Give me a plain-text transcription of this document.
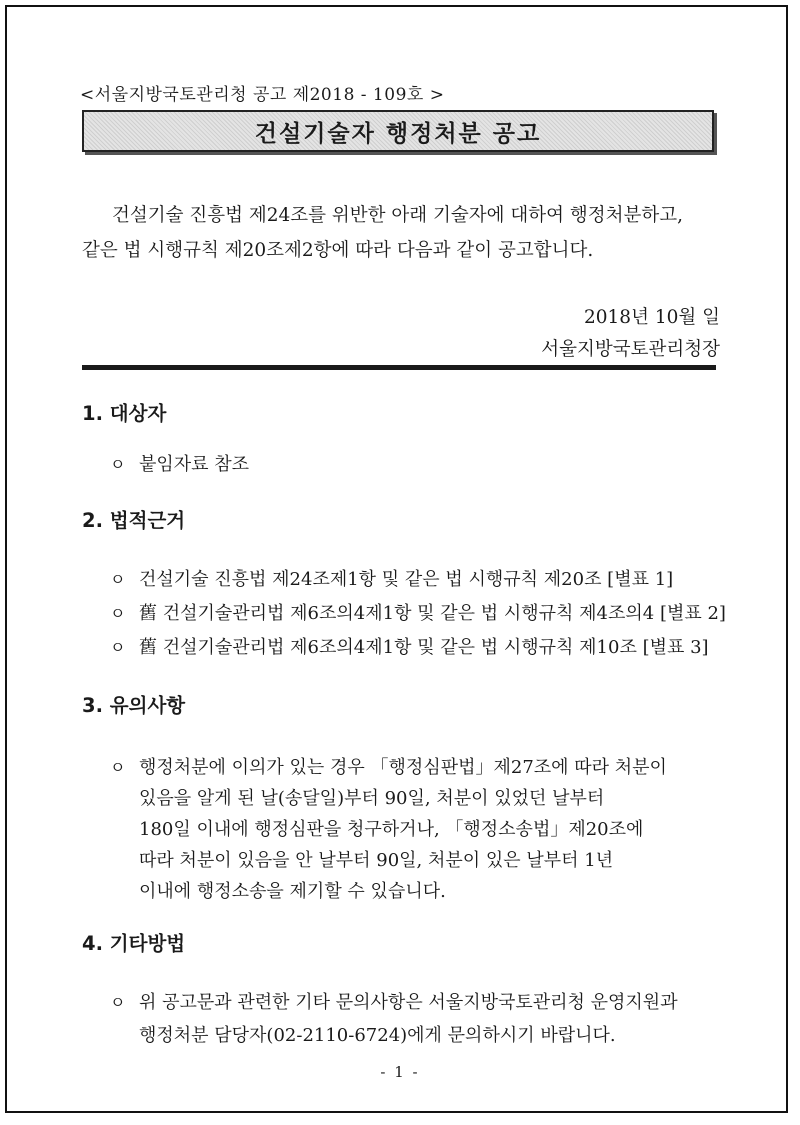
<서울지방국토관리청 공고 제2018 - 109호 >
건설기술자 행정처분 공고
건설기술 진흥법 제24조를 위반한 아래 기술자에 대하여 행정처분하고,
같은 법 시행규칙 제20조제2항에 따라 다음과 같이 공고합니다.
2018년 10월 일
서울지방국토관리청장
1. 대상자
ㅇ 붙임자료 참조
2. 법적근거
ㅇ 건설기술 진흥법 제24조제1항 및 같은 법 시행규칙 제20조 [별표 1]
ㅇ 舊 건설기술관리법 제6조의4제1항 및 같은 법 시행규칙 제4조의4 [별표 2]
ㅇ 舊 건설기술관리법 제6조의4제1항 및 같은 법 시행규칙 제10조 [별표 3]
3. 유의사항
ㅇ 행정처분에 이의가 있는 경우 「행정심판법」제27조에 따라 처분이
있음을 알게 된 날(송달일)부터 90일, 처분이 있었던 날부터
180일 이내에 행정심판을 청구하거나, 「행정소송법」제20조에
따라 처분이 있음을 안 날부터 90일, 처분이 있은 날부터 1년
이내에 행정소송을 제기할 수 있습니다.
4. 기타방법
ㅇ 위 공고문과 관련한 기타 문의사항은 서울지방국토관리청 운영지원과
행정처분 담당자(02-2110-6724)에게 문의하시기 바랍니다.
- 1 -
